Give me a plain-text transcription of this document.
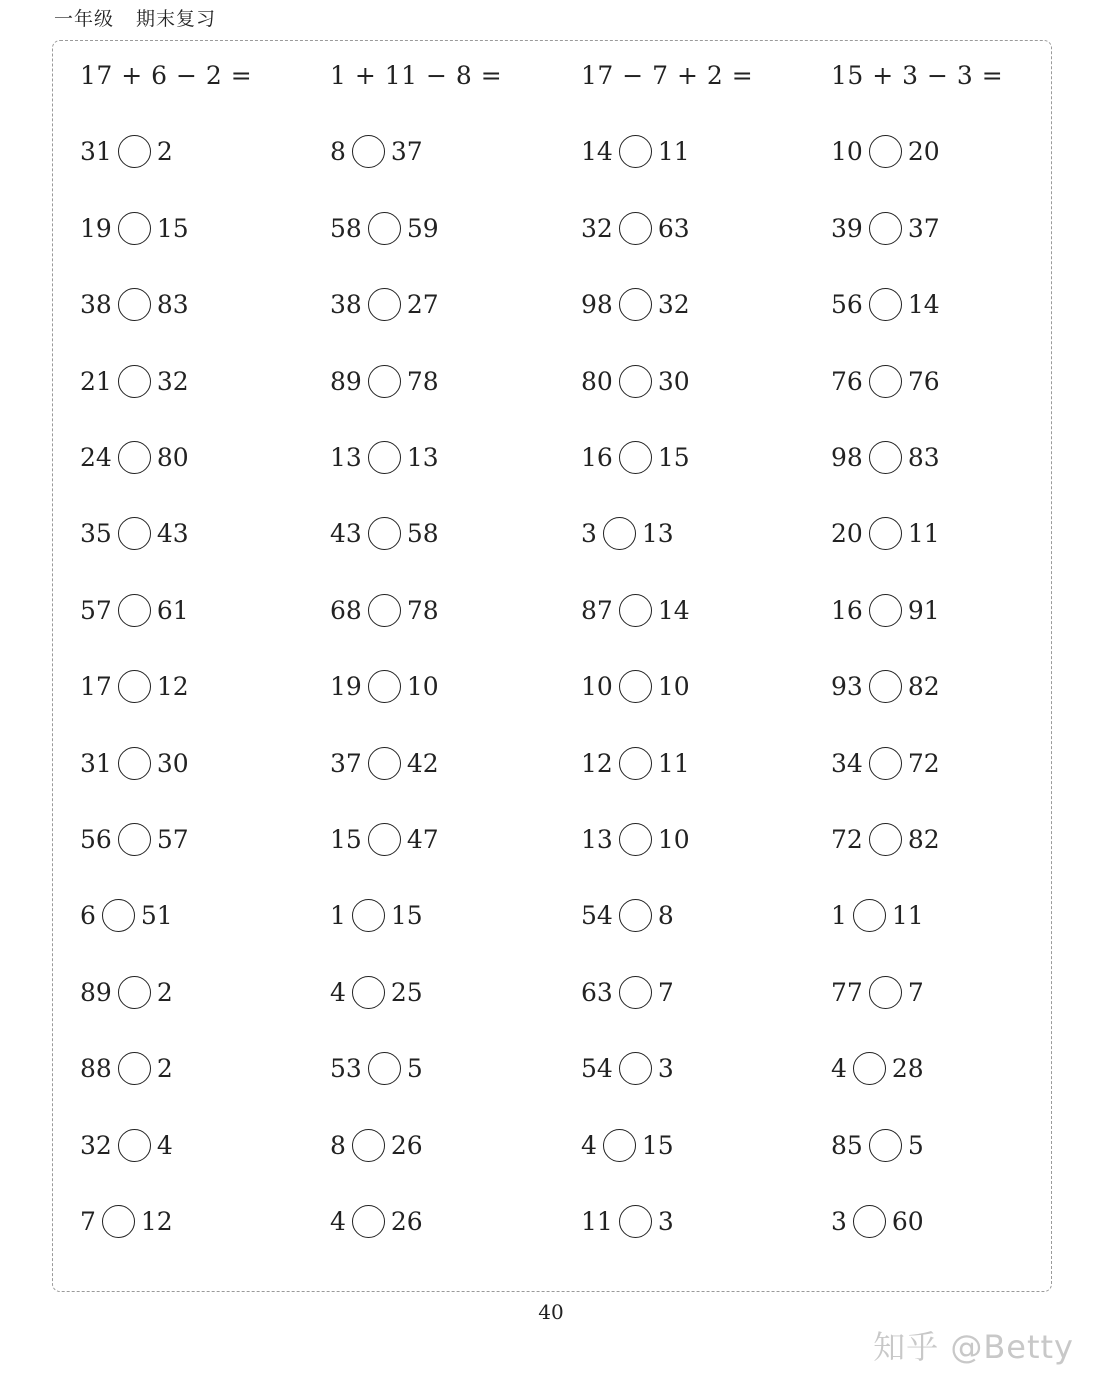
一年级 期末复习
17 + 6 − 2 =	1 + 11 − 8 =	17 − 7 + 2 =	15 + 3 − 3 =
31 2	8 37	14 11	10 20
19 15	58 59	32 63	39 37
38 83	38 27	98 32	56 14
21 32	89 78	80 30	76 76
24 80	13 13	16 15	98 83
35 43	43 58	3 13	20 11
57 61	68 78	87 14	16 91
17 12	19 10	10 10	93 82
31 30	37 42	12 11	34 72
56 57	15 47	13 10	72 82
6 51	1 15	54 8	1 11
89 2	4 25	63 7	77 7
88 2	53 5	54 3	4 28
32 4	8 26	4 15	85 5
7 12	4 26	11 3	3 60
40
知乎 @Betty
